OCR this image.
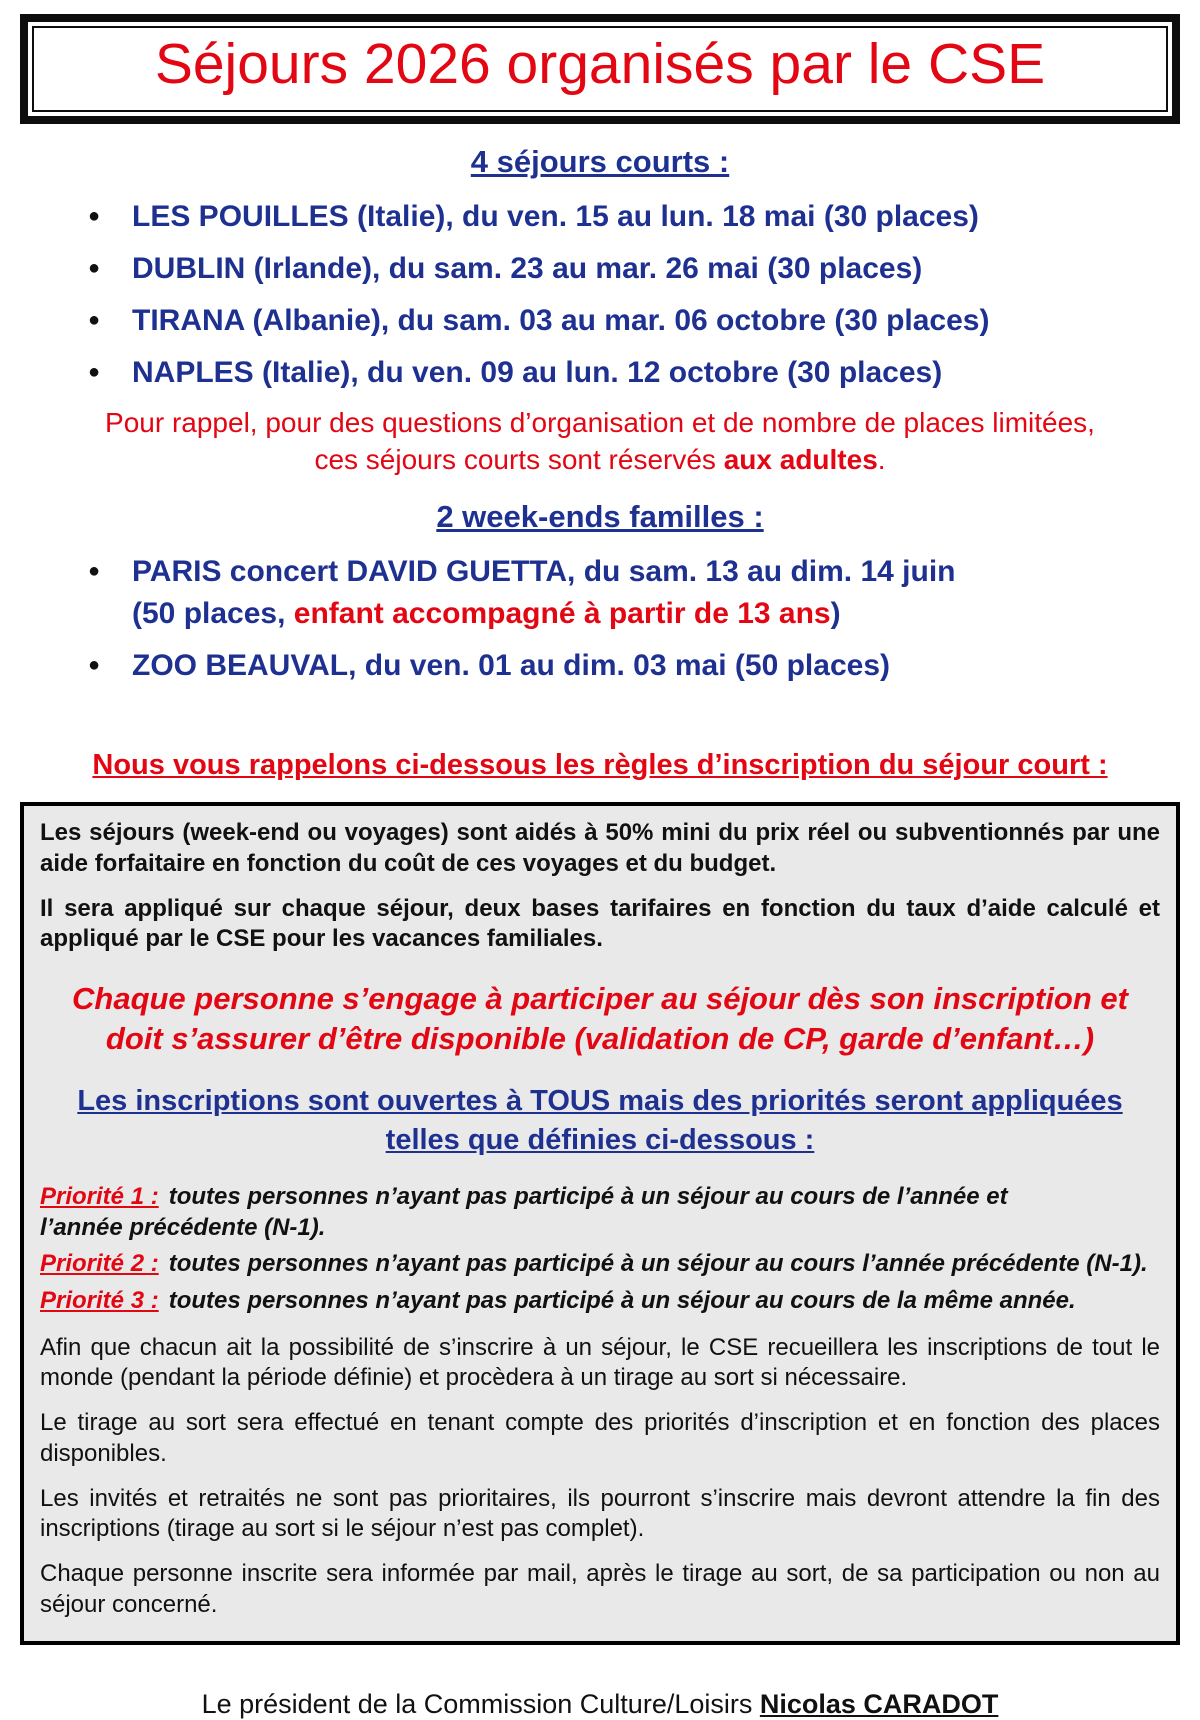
Séjours 2026 organisés par le CSE
4 séjours courts :
●	LES POUILLES (Italie), du ven. 15 au lun. 18 mai (30 places)
●	DUBLIN (Irlande), du sam. 23 au mar. 26 mai (30 places)
●	TIRANA (Albanie), du sam. 03 au mar. 06 octobre (30 places)
●	NAPLES (Italie), du ven. 09 au lun. 12 octobre (30 places)

Pour rappel, pour des questions d’organisation et de nombre de places limitées,
ces séjours courts sont réservés aux adultes.

2 week-ends familles :
●	PARIS concert DAVID GUETTA, du sam. 13 au dim. 14 juin
(50 places, enfant accompagné à partir de 13 ans)
●	ZOO BEAUVAL, du ven. 01 au dim. 03 mai (50 places)
Nous vous rappelons ci-dessous les règles d’inscription du séjour court :

Les séjours (week-end ou voyages) sont aidés à 50% mini du prix réel ou subventionnés par une aide forfaitaire en fonction du coût de ces voyages et du budget.

Il sera appliqué sur chaque séjour, deux bases tarifaires en fonction du taux d’aide calculé et appliqué par le CSE pour les vacances familiales.

Chaque personne s’engage à participer au séjour dès son inscription et doit s’assurer d’être disponible (validation de CP, garde d’enfant…)

Les inscriptions sont ouvertes à TOUS mais des priorités seront appliquées telles que définies ci-dessous :

Priorité 1 : toutes personnes n’ayant pas participé à un séjour au cours de l’année et
l’année précédente (N-1).

Priorité 2 : toutes personnes n’ayant pas participé à un séjour au cours l’année précédente (N-1).

Priorité 3 : toutes personnes n’ayant pas participé à un séjour au cours de la même année.

Afin que chacun ait la possibilité de s’inscrire à un séjour, le CSE recueillera les inscriptions de tout le monde (pendant la période définie) et procèdera à un tirage au sort si nécessaire.

Le tirage au sort sera effectué en tenant compte des priorités d’inscription et en fonction des places disponibles.

Les invités et retraités ne sont pas prioritaires, ils pourront s’inscrire mais devront attendre la fin des inscriptions (tirage au sort si le séjour n’est pas complet).

Chaque personne inscrite sera informée par mail, après le tirage au sort, de sa participation ou non au séjour concerné.

Le président de la Commission Culture/Loisirs Nicolas CARADOT
